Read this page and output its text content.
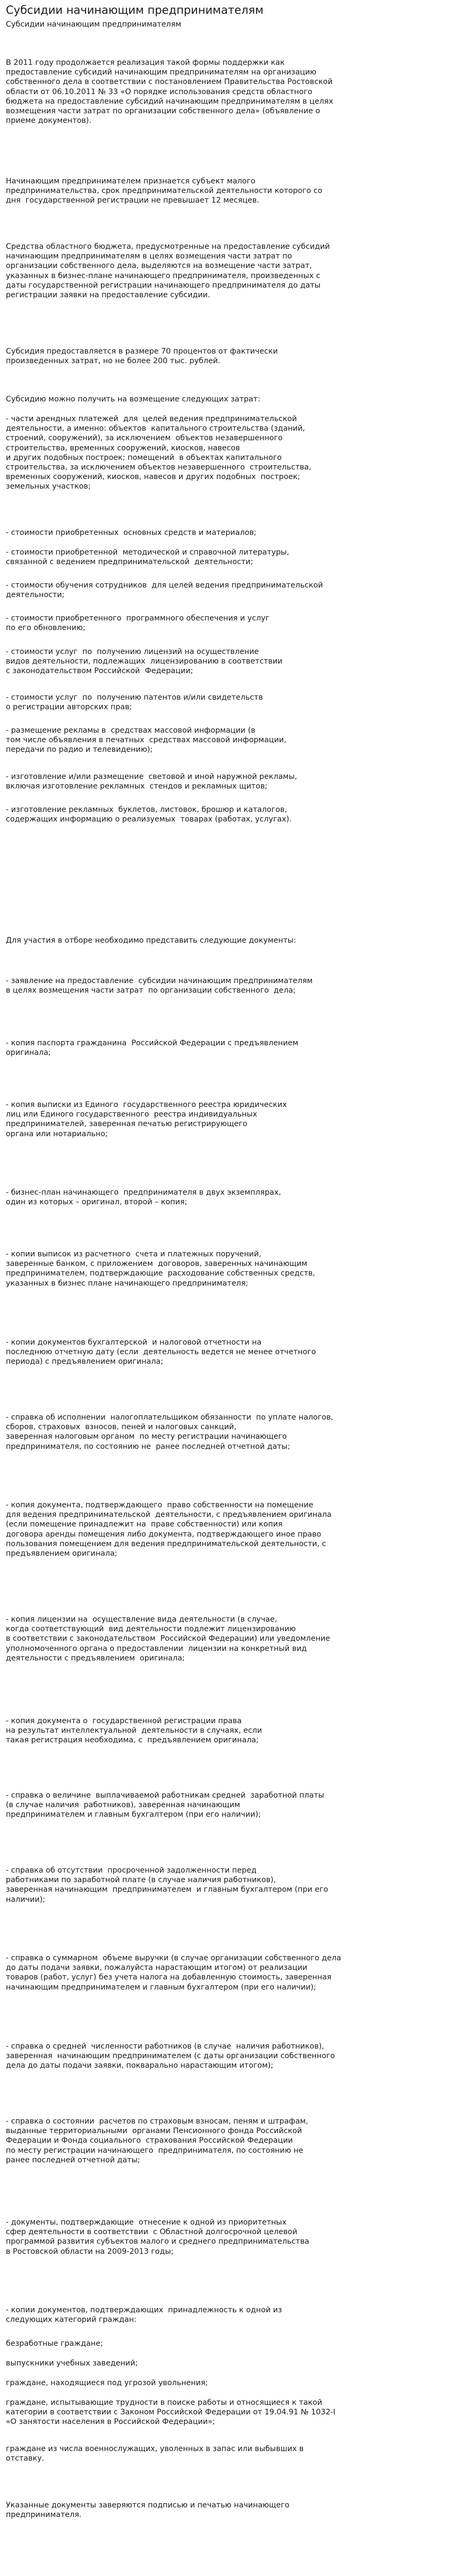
Субсидии начинающим предпринимателям
Субсидии начинающим предпринимателям
В 2011 году продолжается реализация такой формы поддержки как
предоставление субсидий начинающим предпринимателям на организацию
собственного дела в соответствии с постановлением Правительства Ростовской
области от 06.10.2011 № 33 «О порядке использования средств областного
бюджета на предоставление субсидий начинающим предпринимателям в целях
возмещения части затрат по организации собственного дела» (объявление о
приеме документов).
Начинающим предпринимателем признается субъект малого
предпринимательства, срок предпринимательской деятельности которого со
дня  государственной регистрации не превышает 12 месяцев.
Средства областного бюджета, предусмотренные на предоставление субсидий
начинающим предпринимателям в целях возмещения части затрат по
организации собственного дела, выделяются на возмещение части затрат,
указанных в бизнес-плане начинающего предпринимателя, произведенных с
даты государственной регистрации начинающего предпринимателя до даты
регистрации заявки на предоставление субсидии.
Субсидия предоставляется в размере 70 процентов от фактически
произведенных затрат, но не более 200 тыс. рублей.
Субсидию можно получить на возмещение следующих затрат:
- части арендных платежей  для  целей ведения предпринимательской
деятельности, а именно: объектов  капитального строительства (зданий,
строений, сооружений), за исключением  объектов незавершенного
строительства, временных сооружений, киосков, навесов
и других подобных построек; помещений  в объектах капитального
строительства, за исключением объектов незавершенного  строительства,
временных сооружений, киосков, навесов и других подобных  построек;
земельных участков;
- стоимости приобретенных  основных средств и материалов;
- стоимости приобретенной  методической и справочной литературы,
связанной с ведением предпринимательской  деятельности;
- стоимости обучения сотрудников  для целей ведения предпринимательской
деятельности;
- стоимости приобретенного  программного обеспечения и услуг
по его обновлению;
- стоимости услуг  по  получению лицензий на осуществление
видов деятельности, подлежащих  лицензированию в соответствии
с законодательством Российской  Федерации;
- стоимости услуг  по  получению патентов и/или свидетельств
о регистрации авторских прав;
- размещение рекламы в  средствах массовой информации (в
том числе объявления в печатных  средствах массовой информации,
передачи по радио и телевидению);
- изготовление и/или размещение  световой и иной наружной рекламы,
включая изготовление рекламных  стендов и рекламных щитов;
- изготовление рекламных  буклетов, листовок, брошюр и каталогов,
содержащих информацию о реализуемых  товарах (работах, услугах).
Для участия в отборе необходимо представить следующие документы:
- заявление на предоставление  субсидии начинающим предпринимателям
в целях возмещения части затрат  по организации собственного  дела;
- копия паспорта гражданина  Российской Федерации с предъявлением
оригинала;
- копия выписки из Единого  государственного реестра юридических
лиц или Единого государственного  реестра индивидуальных
предпринимателей, заверенная печатью регистрирующего
органа или нотариально;
- бизнес-план начинающего  предпринимателя в двух экземплярах,
один из которых – оригинал, второй – копия;
- копии выписок из расчетного  счета и платежных поручений,
заверенные банком, с приложением  договоров, заверенных начинающим
предпринимателем, подтверждающие  расходование собственных средств,
указанных в бизнес плане начинающего предпринимателя;
- копии документов бухгалтерской  и налоговой отчетности на
последнюю отчетную дату (если  деятельность ведется не менее отчетного
периода) с предъявлением оригинала;
- справка об исполнении  налогоплательщиком обязанности  по уплате налогов,
сборов, страховых  взносов, пеней и налоговых санкций,
заверенная налоговым органом  по месту регистрации начинающего
предпринимателя, по состоянию не  ранее последней отчетной даты;
- копия документа, подтверждающего  право собственности на помещение
для ведения предпринимательской  деятельности, с предъявлением оригинала
(если помещение принадлежит на  праве собственности) или копия
договора аренды помещения либо документа, подтверждающего иное право
пользования помещением для ведения предпринимательской деятельности, с
предъявлением оригинала;
- копия лицензии на  осуществление вида деятельности (в случае,
когда соответствующий  вид деятельности подлежит лицензированию
в соответствии с законодательством  Российской Федерации) или уведомление
уполномоченного органа о предоставлении  лицензии на конкретный вид
деятельности с предъявлением  оригинала;
- копия документа о  государственной регистрации права
на результат интеллектуальной  деятельности в случаях, если
такая регистрация необходима, с  предъявлением оригинала;
- справка о величине  выплачиваемой работникам средней  заработной платы
(в случае наличия  работников), заверенная начинающим
предпринимателем и главным бухгалтером (при его наличии);
- справка об отсутствии  просроченной задолженности перед
работниками по заработной плате (в случае наличия работников),
заверенная начинающим  предпринимателем  и главным бухгалтером (при его
наличии);
- справка о суммарном  объеме выручки (в случае организации собственного дела
до даты подачи заявки, пожалуйста нарастающим итогом) от реализации
товаров (работ, услуг) без учета налога на добавленную стоимость, заверенная
начинающим предпринимателем и главным бухгалтером (при его наличии);
- справка о средней  численности работников (в случае  наличия работников),
заверенная  начинающим предпринимателем (с даты организации собственного
дела до даты подачи заявки, покварально нарастающим итогом);
- справка о состоянии  расчетов по страховым взносам, пеням и штрафам,
выданные территориальными  органами Пенсионного фонда Российской
Федерации и Фонда социального  страхования Российской Федерации
по месту регистрации начинающего  предпринимателя, по состоянию не
ранее последней отчетной даты;
- документы, подтверждающие  отнесение к одной из приоритетных
сфер деятельности в соответствии  с Областной долгосрочной целевой
программой развития субъектов малого и среднего предпринимательства
в Ростовской области на 2009-2013 годы;
- копии документов, подтверждающих  принадлежность к одной из
следующих категорий граждан:
безработные граждане;
выпускники учебных заведений;
граждане, находящиеся под угрозой увольнения;
граждане, испытывающие трудности в поиске работы и относящиеся к такой
категории в соответствии с Законом Российской Федерации от 19.04.91 № 1032-I
«О занятости населения в Российской Федерации»;
граждане из числа военнослужащих, уволенных в запас или выбывших в
отставку.
Указанные документы заверяются подписью и печатью начинающего
предпринимателя.
